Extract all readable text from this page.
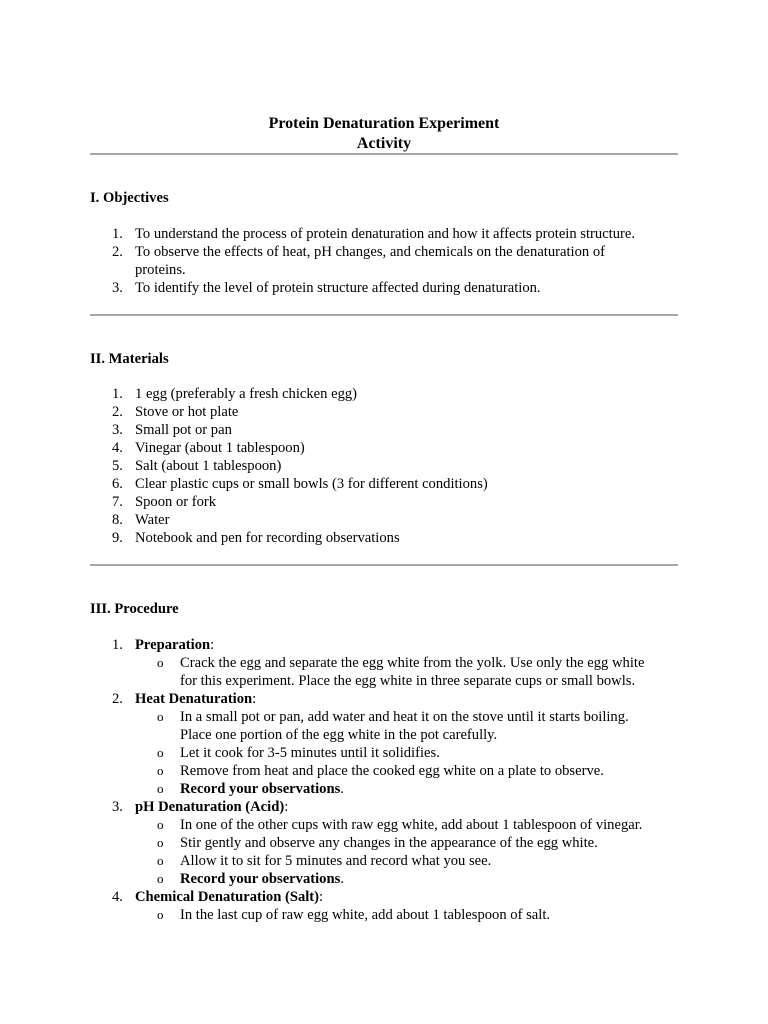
Protein Denaturation Experiment
Activity
I. Objectives
1. To understand the process of protein denaturation and how it affects protein structure.
2. To observe the effects of heat, pH changes, and chemicals on the denaturation of
proteins.
3. To identify the level of protein structure affected during denaturation.
II. Materials
1. 1 egg (preferably a fresh chicken egg)
2. Stove or hot plate
3. Small pot or pan
4. Vinegar (about 1 tablespoon)
5. Salt (about 1 tablespoon)
6. Clear plastic cups or small bowls (3 for different conditions)
7. Spoon or fork
8. Water
9. Notebook and pen for recording observations
III. Procedure
1. Preparation:
o Crack the egg and separate the egg white from the yolk. Use only the egg white
for this experiment. Place the egg white in three separate cups or small bowls.
2. Heat Denaturation:
o In a small pot or pan, add water and heat it on the stove until it starts boiling.
Place one portion of the egg white in the pot carefully.
o Let it cook for 3-5 minutes until it solidifies.
o Remove from heat and place the cooked egg white on a plate to observe.
o Record your observations.
3. pH Denaturation (Acid):
o In one of the other cups with raw egg white, add about 1 tablespoon of vinegar.
o Stir gently and observe any changes in the appearance of the egg white.
o Allow it to sit for 5 minutes and record what you see.
o Record your observations.
4. Chemical Denaturation (Salt):
o In the last cup of raw egg white, add about 1 tablespoon of salt.
